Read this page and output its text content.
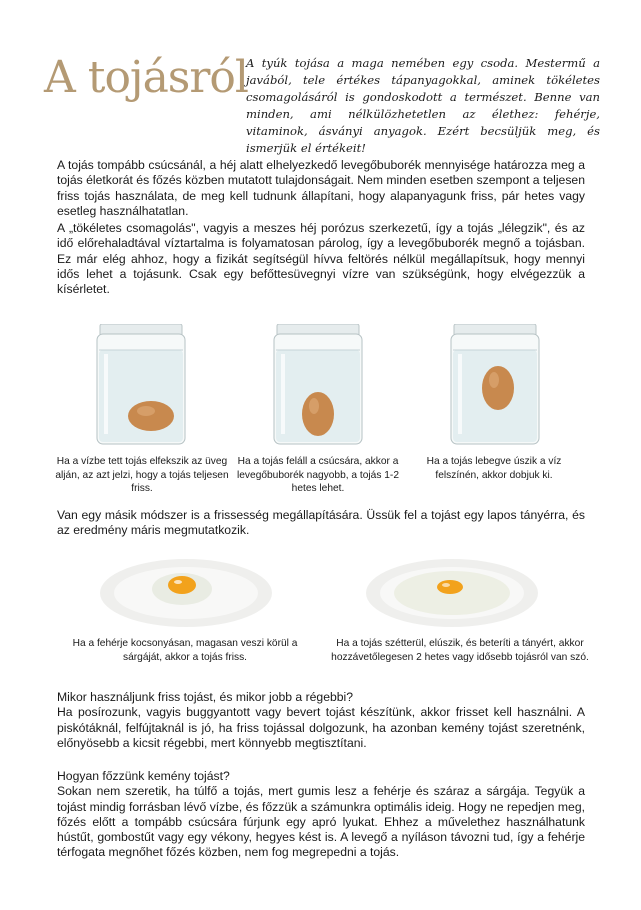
A tojásról

A tyúk tojása a maga nemében egy csoda. Mestermű a javából, tele értékes tápanyagokkal, aminek tökéletes csomagolásáról is gondoskodott a természet. Benne van minden, ami nélkülözhetetlen az élethez: fehérje, vitaminok, ásványi anyagok. Ezért becsüljük meg, és ismerjük el értékeit!

A tojás tompább csúcsánál, a héj alatt elhelyezkedő levegőbuborék mennyisége határozza meg a tojás életkorát és főzés közben mutatott tulajdonságait. Nem minden esetben szempont a teljesen friss tojás használata, de meg kell tudnunk állapítani, hogy alapanyagunk friss, pár hetes vagy esetleg használhatatlan.

A „tökéletes csomagolás", vagyis a meszes héj porózus szerkezetű, így a tojás „lélegzik", és az idő előrehaladtával víztartalma is folyamatosan párolog, így a levegőbuborék megnő a tojásban. Ez már elég ahhoz, hogy a fizikát segítségül hívva feltörés nélkül megállapítsuk, hogy mennyi idős lehet a tojásunk. Csak egy befőttesüvegnyi vízre van szükségünk, hogy elvégezzük a kísérletet.

Ha a vízbe tett tojás elfekszik az üveg alján, az azt jelzi, hogy a tojás teljesen friss.

Ha a tojás feláll a csúcsára, akkor a levegőbuborék nagyobb, a tojás 1-2 hetes lehet.

Ha a tojás lebegve úszik a víz felszínén, akkor dobjuk ki.

Van egy másik módszer is a frissesség megállapítására. Üssük fel a tojást egy lapos tányérra, és az eredmény máris megmutatkozik.

Ha a fehérje kocsonyásan, magasan veszi körül a sárgáját, akkor a tojás friss.

Ha a tojás szétterül, elúszik, és beteríti a tányért, akkor hozzávetőlegesen 2 hetes vagy idősebb tojásról van szó.

Mikor használjunk friss tojást, és mikor jobb a régebbi?
Ha posírozunk, vagyis buggyantott vagy bevert tojást készítünk, akkor frisset kell használni. A piskótáknál, felfújtaknál is jó, ha friss tojással dolgozunk, ha azonban kemény tojást szeretnénk, előnyösebb a kicsit régebbi, mert könnyebb megtisztítani.
Hogyan főzzünk kemény tojást?
Sokan nem szeretik, ha túlfő a tojás, mert gumis lesz a fehérje és száraz a sárgája. Tegyük a tojást mindig forrásban lévő vízbe, és főzzük a számunkra optimális ideig. Hogy ne repedjen meg, főzés előtt a tompább csúcsára fúrjunk egy apró lyukat. Ehhez a művelethez használhatunk hústűt, gombostűt vagy egy vékony, hegyes kést is. A levegő a nyíláson távozni tud, így a fehérje térfogata megnőhet főzés közben, nem fog megrepedni a tojás.
